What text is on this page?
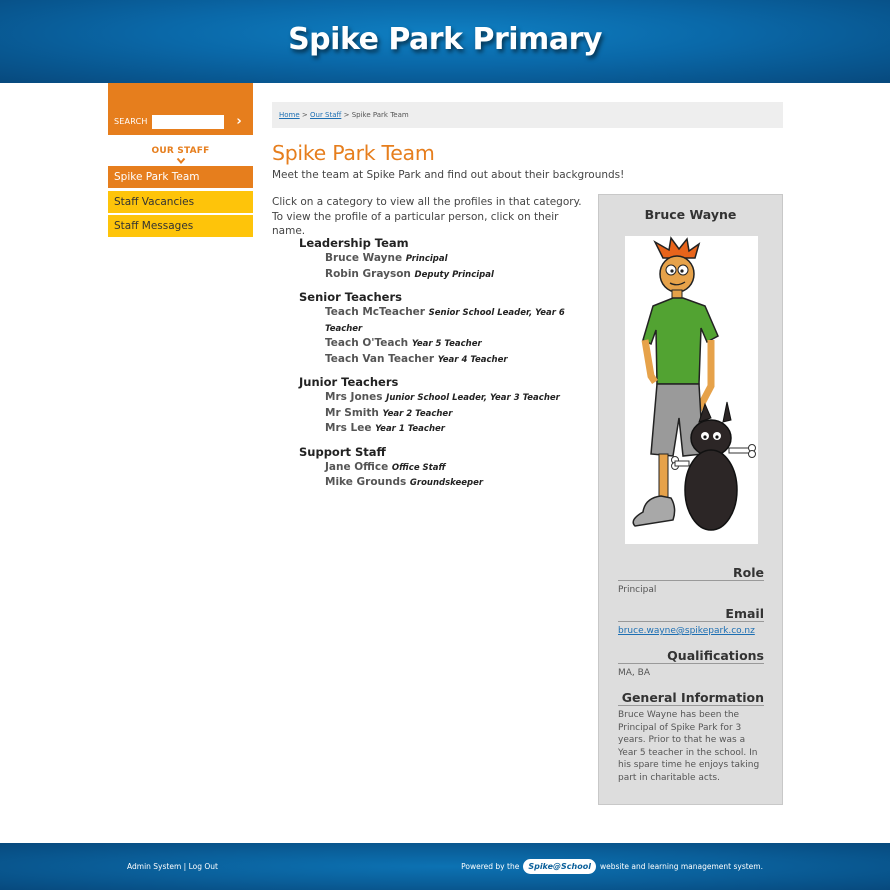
Spike Park Primary
SEARCH	›
OUR STAFF
Spike Park Team
Staff Vacancies
Staff Messages
Home > Our Staff > Spike Park Team
Spike Park Team

Meet the team at Spike Park and find out about their backgrounds!

Click on a category to view all the profiles in that category. To view the profile of a particular person, click on their name.

Leadership Team
Bruce Wayne Principal
Robin Grayson Deputy Principal
Senior Teachers
Teach McTeacher Senior School Leader, Year 6 Teacher
Teach O'Teach Year 5 Teacher
Teach Van Teacher Year 4 Teacher
Junior Teachers
Mrs Jones Junior School Leader, Year 3 Teacher
Mr Smith Year 2 Teacher
Mrs Lee Year 1 Teacher
Support Staff
Jane Office Office Staff
Mike Grounds Groundskeeper
Bruce Wayne
Role
Principal
Email
bruce.wayne@spikepark.co.nz
Qualifications
MA, BA
General Information
Bruce Wayne has been the Principal of Spike Park for 3 years. Prior to that he was a Year 5 teacher in the school. In his spare time he enjoys taking part in charitable acts.
Admin System | Log Out	Powered by the	Spike@School	website and learning management system.
